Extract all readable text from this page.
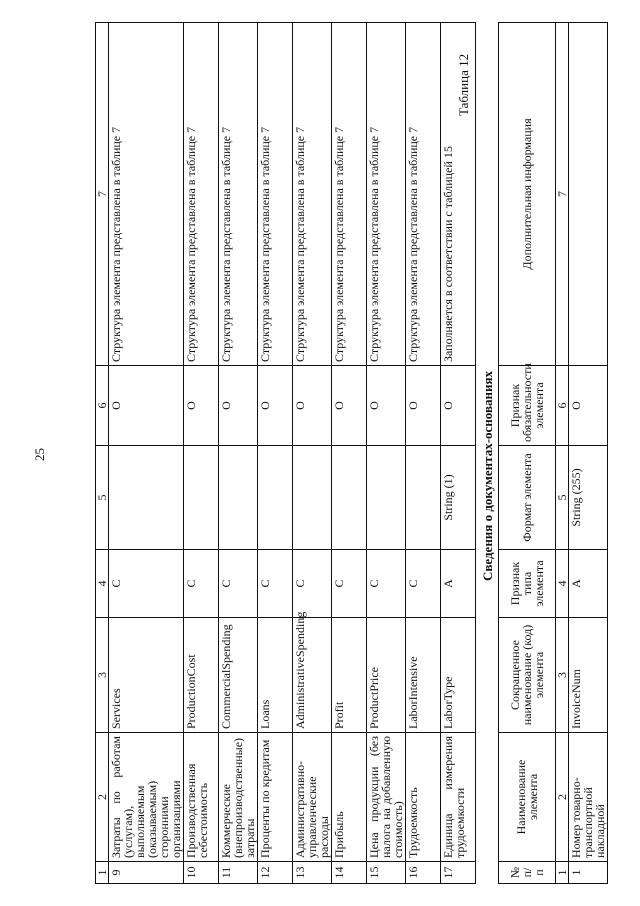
25
1	2	3	4	5	6	7
9	Затраты по работам (услугам), выполняемым (оказываемым) сторонними организациями	Services	С		О	Структура элемента представлена в таблице 7
10	Производственная себестоимость	ProductionCost	С		О	Структура элемента представлена в таблице 7
11	Коммерческие (внепроизводственные) затраты	CommercialSpending	С		О	Структура элемента представлена в таблице 7
12	Проценты по кредитам	Loans	С		О	Структура элемента представлена в таблице 7
13	Административно-управленческие расходы	AdministrativeSpending	С		О	Структура элемента представлена в таблице 7
14	Прибыль	Profit	С		О	Структура элемента представлена в таблице 7
15	Цена продукции (без налога на добавленную стоимость)	ProductPrice	С		О	Структура элемента представлена в таблице 7
16	Трудоемкость	LaborIntensive	С		О	Структура элемента представлена в таблице 7
17	Единица измерения трудоемкости	LaborType	А	String (1)	О	Заполняется в соответствии с таблицей 15
Таблица 12
Сведения о документах-основаниях
№ п/п	Наименование элемента	Сокращенное наименование (код) элемента	Признак типа элемента	Формат элемента	Признак обязательности элемента	Дополнительная информация
1	2	3	4	5	6	7
1	Номер товарно-транспортной накладной	InvoiceNum	А	String (255)	О	
